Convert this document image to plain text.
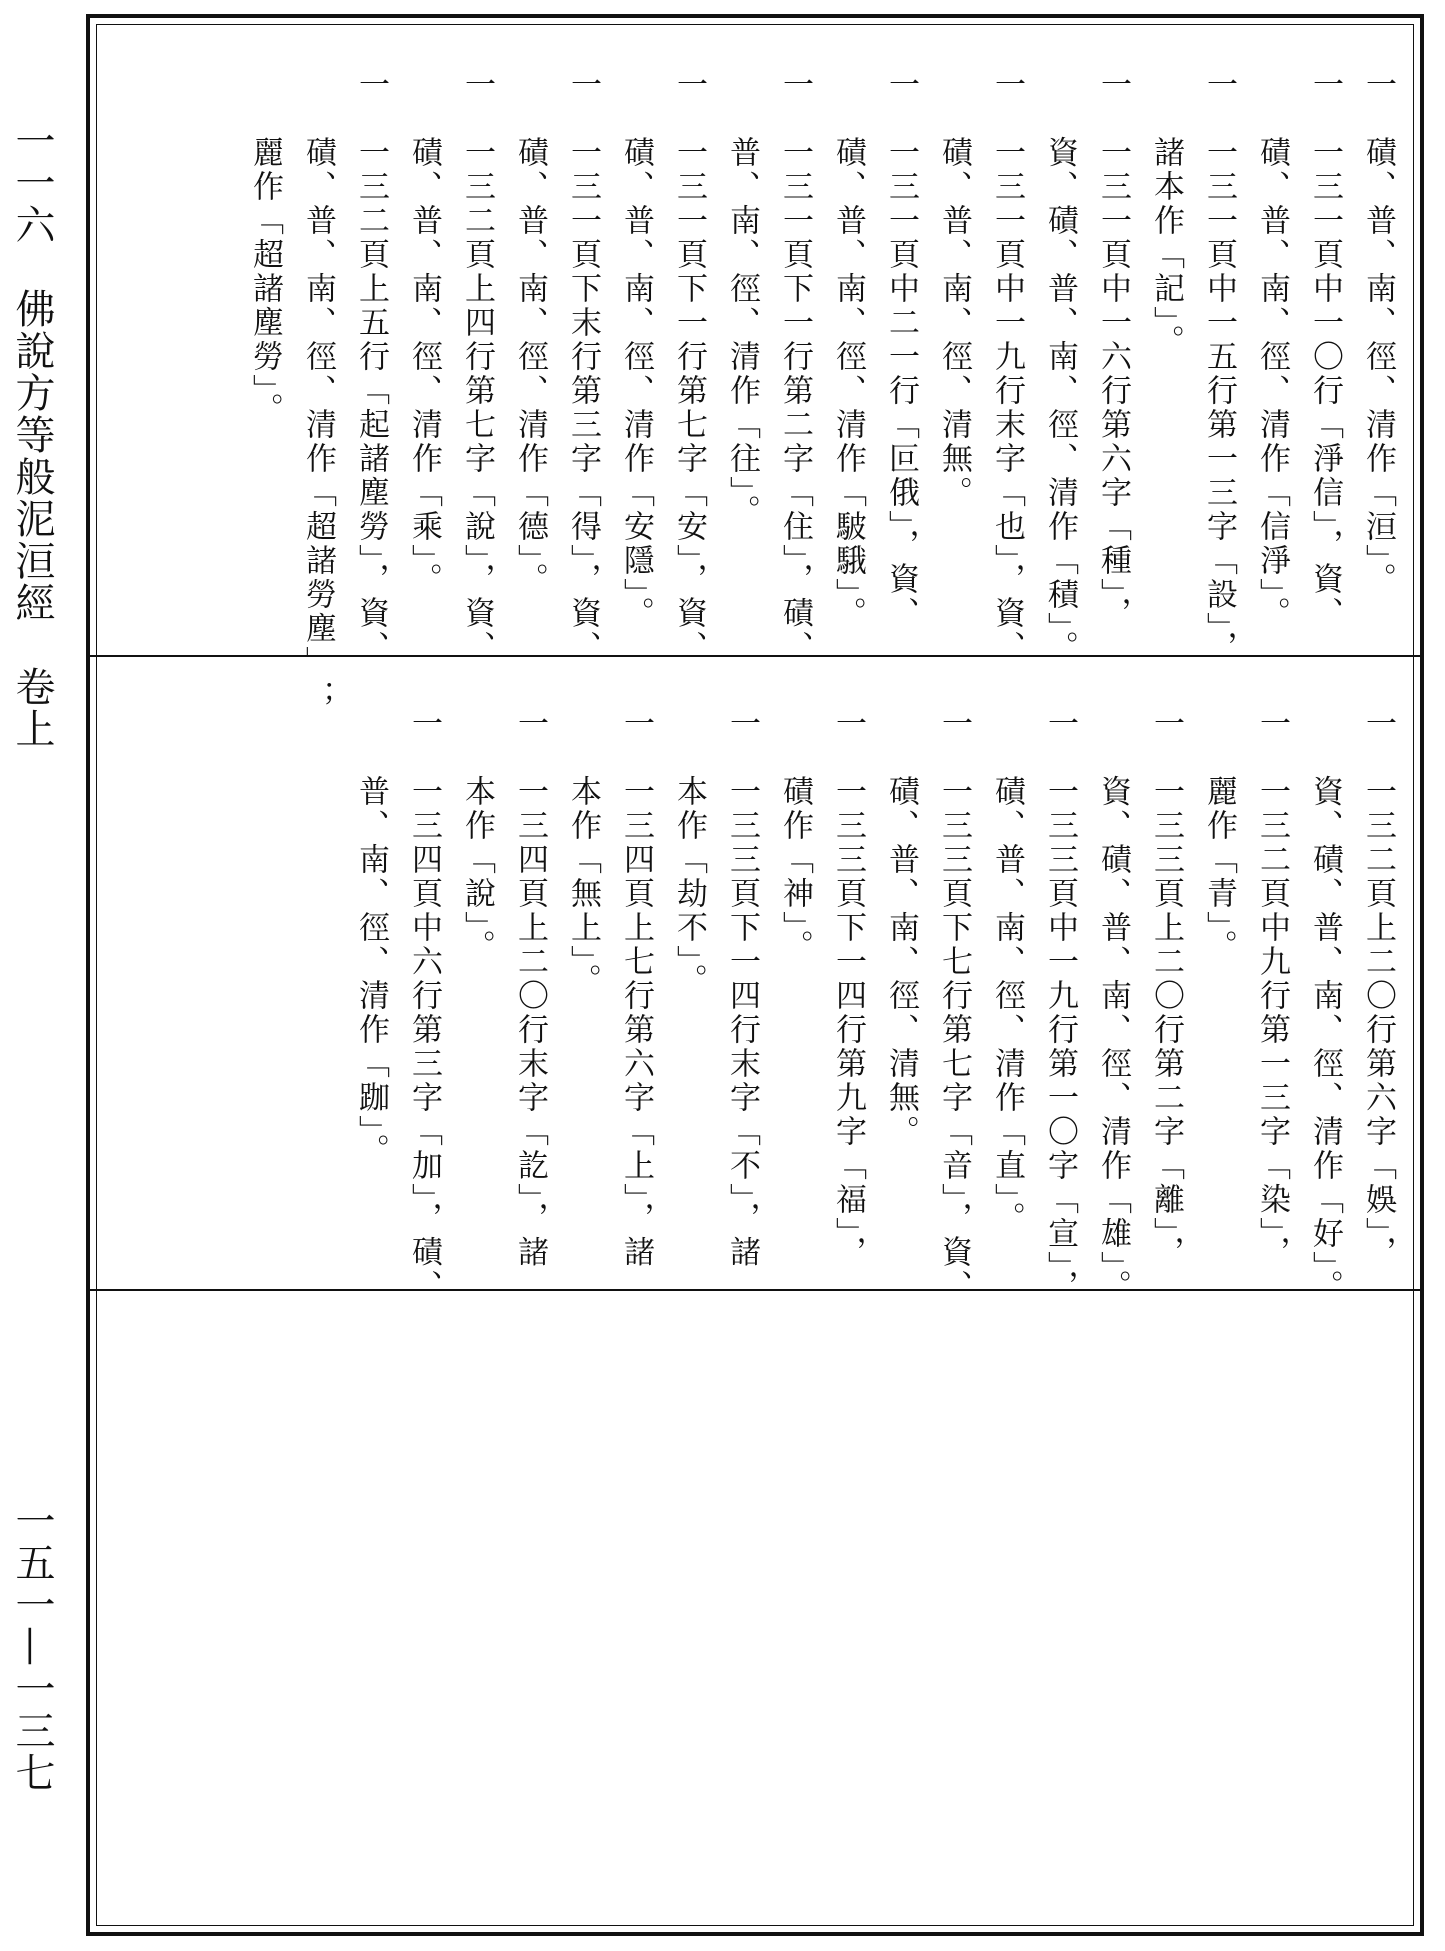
一一六　佛說方等般泥洹經　卷上
一五一—一三七
一　磧、普、南、徑、清作「洹」。
一　一三一頁中一〇行「淨信」，資、
　　磧、普、南、徑、清作「信淨」。
一　一三一頁中一五行第一三字「設」，
　　諸本作「記」。
一　一三一頁中一六行第六字「種」，
　　資、磧、普、南、徑、清作「積」。
一　一三一頁中一九行末字「也」，資、
　　磧、普、南、徑、清無。
一　一三一頁中二一行「叵俄」，資、
　　磧、普、南、徑、清作「駊騀」。
一　一三一頁下一行第二字「住」，磧、
　　普、南、徑、清作「往」。
一　一三一頁下一行第七字「安」，資、
　　磧、普、南、徑、清作「安隱」。
一　一三一頁下末行第三字「得」，資、
　　磧、普、南、徑、清作「德」。
一　一三二頁上四行第七字「說」，資、
　　磧、普、南、徑、清作「乘」。
一　一三二頁上五行「起諸塵勞」，資、
　　磧、普、南、徑、清作「超諸勞塵」；
　　麗作「超諸塵勞」。
一　一三二頁上二〇行第六字「娛」，
　　資、磧、普、南、徑、清作「好」。
一　一三二頁中九行第一三字「染」，
　　麗作「青」。
一　一三三頁上二〇行第二字「離」，
　　資、磧、普、南、徑、清作「雄」。
一　一三三頁中一九行第一〇字「宣」，
　　磧、普、南、徑、清作「直」。
一　一三三頁下七行第七字「音」，資、
　　磧、普、南、徑、清無。
一　一三三頁下一四行第九字「福」，
　　磧作「神」。
一　一三三頁下一四行末字「不」，諸
　　本作「劫不」。
一　一三四頁上七行第六字「上」，諸
　　本作「無上」。
一　一三四頁上二〇行末字「訖」，諸
　　本作「說」。
一　一三四頁中六行第三字「加」，磧、
　　普、南、徑、清作「跏」。
